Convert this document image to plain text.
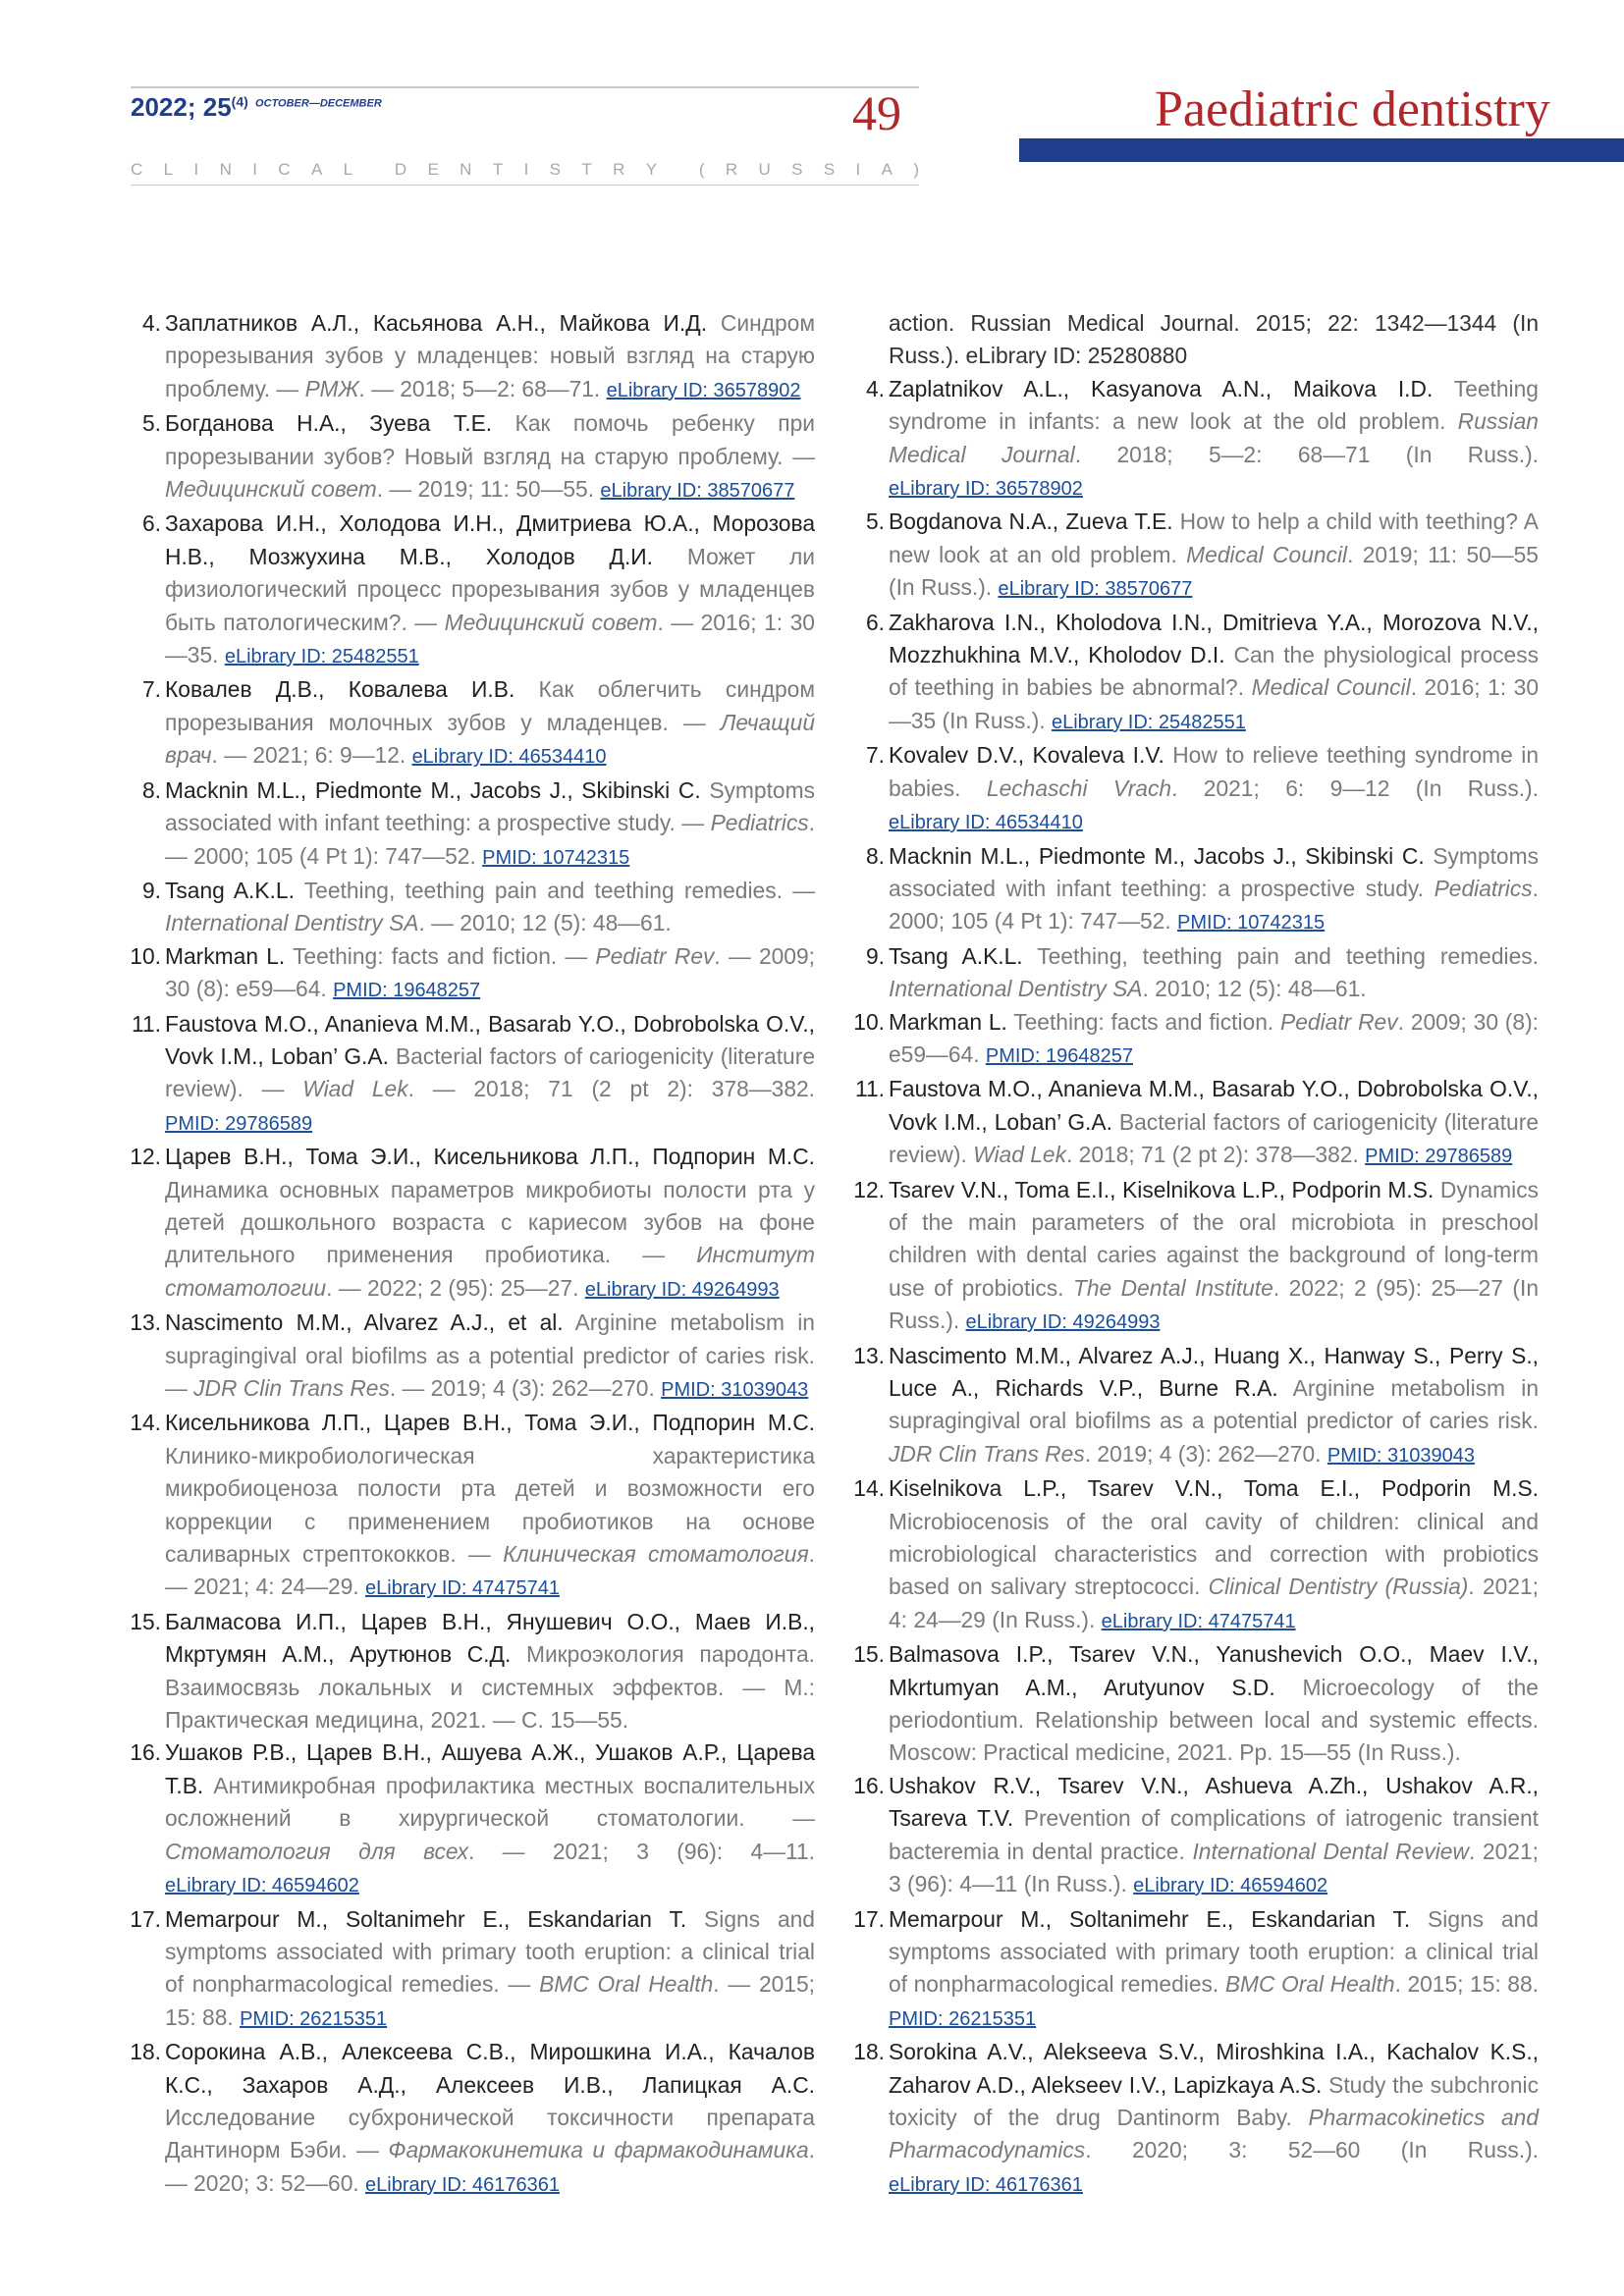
2022; 25$^{(4)}$ $^{OCTOBER—DECEMBER}$	49	Paediatric dentistry
C L I N I C A L	D E N T I S T R Y	( R U S S I A )

4. Заплатников А.Л., Касьянова А.Н., Майкова И.Д. Синдром прорезывания зубов у младенцев: новый взгляд на старую проблему. — РМЖ. — 2018; 5—2: 68—71. eLibrary ID: 36578902

5. Богданова Н.А., Зуева Т.Е. Как помочь ребенку при прорезывании зубов? Новый взгляд на старую проблему. — Медицинский совет. — 2019; 11: 50—55. eLibrary ID: 38570677

6. Захарова И.Н., Холодова И.Н., Дмитриева Ю.А., Морозова Н.В., Мозжухина М.В., Холодов Д.И. Может ли физиологический процесс прорезывания зубов у младенцев быть патологическим?. — Медицинский совет. — 2016; 1: 30—35. eLibrary ID: 25482551

7. Ковалев Д.В., Ковалева И.В. Как облегчить синдром прорезывания молочных зубов у младенцев. — Лечащий врач. — 2021; 6: 9—12. eLibrary ID: 46534410

8. Macknin M.L., Piedmonte M., Jacobs J., Skibinski C. Symptoms associated with infant teething: a prospective study. — Pediatrics. — 2000; 105 (4 Pt 1): 747—52. PMID: 10742315

9. Tsang A.K.L. Teething, teething pain and teething remedies. — International Dentistry SA. — 2010; 12 (5): 48—61.

10. Markman L. Teething: facts and fiction. — Pediatr Rev. — 2009; 30 (8): e59—64. PMID: 19648257

11. Faustova M.O., Ananieva M.M., Basarab Y.O., Dobrobolska O.V., Vovk I.M., Loban’ G.A. Bacterial factors of cariogenicity (literature review). — Wiad Lek. — 2018; 71 (2 pt 2): 378—382. PMID: 29786589

12. Царев В.Н., Тома Э.И., Кисельникова Л.П., Подпорин М.С. Динамика основных параметров микробиоты полости рта у детей дошкольного возраста с кариесом зубов на фоне длительного применения пробиотика. — Институт стоматологии. — 2022; 2 (95): 25—27. eLibrary ID: 49264993

13. Nascimento M.M., Alvarez A.J., et al. Arginine metabolism in supragingival oral biofilms as a potential predictor of caries risk. — JDR Clin Trans Res. — 2019; 4 (3): 262—270. PMID: 31039043

14. Кисельникова Л.П., Царев В.Н., Тома Э.И., Подпорин М.С. Клинико-микробиологическая характеристика микробиоценоза полости рта детей и возможности его коррекции с применением пробиотиков на основе саливарных стрептококков. — Клиническая стоматология. — 2021; 4: 24—29. eLibrary ID: 47475741

15. Балмасова И.П., Царев В.Н., Янушевич О.О., Маев И.В., Мкртумян А.М., Арутюнов С.Д. Микроэкология пародонта. Взаимосвязь локальных и системных эффектов. — М.: Практическая медицина, 2021. — С. 15—55.

16. Ушаков Р.В., Царев В.Н., Ашуева А.Ж., Ушаков А.Р., Царева Т.В. Антимикробная профилактика местных воспалительных осложнений в хирургической стоматологии. — Стоматология для всех. — 2021; 3 (96): 4—11. eLibrary ID: 46594602

17. Memarpour M., Soltanimehr E., Eskandarian T. Signs and symptoms associated with primary tooth eruption: a clinical trial of nonpharmacological remedies. — BMC Oral Health. — 2015; 15: 88. PMID: 26215351

18. Сорокина А.В., Алексеева С.В., Мирошкина И.А., Качалов К.С., Захаров А.Д., Алексеев И.В., Лапицкая А.С. Исследование субхронической токсичности препарата Дантинорм Бэби. — Фармакокинетика и фармакодинамика. — 2020; 3: 52—60. eLibrary ID: 46176361

action. Russian Medical Journal. 2015; 22: 1342—1344 (In Russ.). eLibrary ID: 25280880

4. Zaplatnikov A.L., Kasyanova A.N., Maikova I.D. Teething syndrome in infants: a new look at the old problem. Russian Medical Journal. 2018; 5—2: 68—71 (In Russ.). eLibrary ID: 36578902

5. Bogdanova N.A., Zueva T.E. How to help a child with teething? A new look at an old problem. Medical Council. 2019; 11: 50—55 (In Russ.). eLibrary ID: 38570677

6. Zakharova I.N., Kholodova I.N., Dmitrieva Y.A., Morozova N.V., Mozzhukhina M.V., Kholodov D.I. Can the physiological process of teething in babies be abnormal?. Medical Council. 2016; 1: 30—35 (In Russ.). eLibrary ID: 25482551

7. Kovalev D.V., Kovaleva I.V. How to relieve teething syndrome in babies. Lechaschi Vrach. 2021; 6: 9—12 (In Russ.). eLibrary ID: 46534410

8. Macknin M.L., Piedmonte M., Jacobs J., Skibinski C. Symptoms associated with infant teething: a prospective study. Pediatrics. 2000; 105 (4 Pt 1): 747—52. PMID: 10742315

9. Tsang A.K.L. Teething, teething pain and teething remedies. International Dentistry SA. 2010; 12 (5): 48—61.

10. Markman L. Teething: facts and fiction. Pediatr Rev. 2009; 30 (8): e59—64. PMID: 19648257

11. Faustova M.O., Ananieva M.M., Basarab Y.O., Dobrobolska O.V., Vovk I.M., Loban’ G.A. Bacterial factors of cariogenicity (literature review). Wiad Lek. 2018; 71 (2 pt 2): 378—382. PMID: 29786589

12. Tsarev V.N., Toma E.I., Kiselnikova L.P., Podporin M.S. Dynamics of the main parameters of the oral microbiota in preschool children with dental caries against the background of long-term use of probiotics. The Dental Institute. 2022; 2 (95): 25—27 (In Russ.). eLibrary ID: 49264993

13. Nascimento M.M., Alvarez A.J., Huang X., Hanway S., Perry S., Luce A., Richards V.P., Burne R.A. Arginine metabolism in supragingival oral biofilms as a potential predictor of caries risk. JDR Clin Trans Res. 2019; 4 (3): 262—270. PMID: 31039043

14. Kiselnikova L.P., Tsarev V.N., Toma E.I., Podporin M.S. Microbiocenosis of the oral cavity of children: clinical and microbiological characteristics and correction with probiotics based on salivary streptococci. Clinical Dentistry (Russia). 2021; 4: 24—29 (In Russ.). eLibrary ID: 47475741

15. Balmasova I.P., Tsarev V.N., Yanushevich O.O., Maev I.V., Mkrtumyan A.M., Arutyunov S.D. Microecology of the periodontium. Relationship between local and systemic effects. Moscow: Practical medicine, 2021. Pp. 15—55 (In Russ.).

16. Ushakov R.V., Tsarev V.N., Ashueva A.Zh., Ushakov A.R., Tsareva T.V. Prevention of complications of iatrogenic transient bacteremia in dental practice. International Dental Review. 2021; 3 (96): 4—11 (In Russ.). eLibrary ID: 46594602

17. Memarpour M., Soltanimehr E., Eskandarian T. Signs and symptoms associated with primary tooth eruption: a clinical trial of nonpharmacological remedies. BMC Oral Health. 2015; 15: 88. PMID: 26215351

18. Sorokina A.V., Alekseeva S.V., Miroshkina I.A., Kachalov K.S., Zaharov A.D., Alekseev I.V., Lapizkaya A.S. Study the subchronic toxicity of the drug Dantinorm Baby. Pharmacokinetics and Pharmacodynamics. 2020; 3: 52—60 (In Russ.). eLibrary ID: 46176361
